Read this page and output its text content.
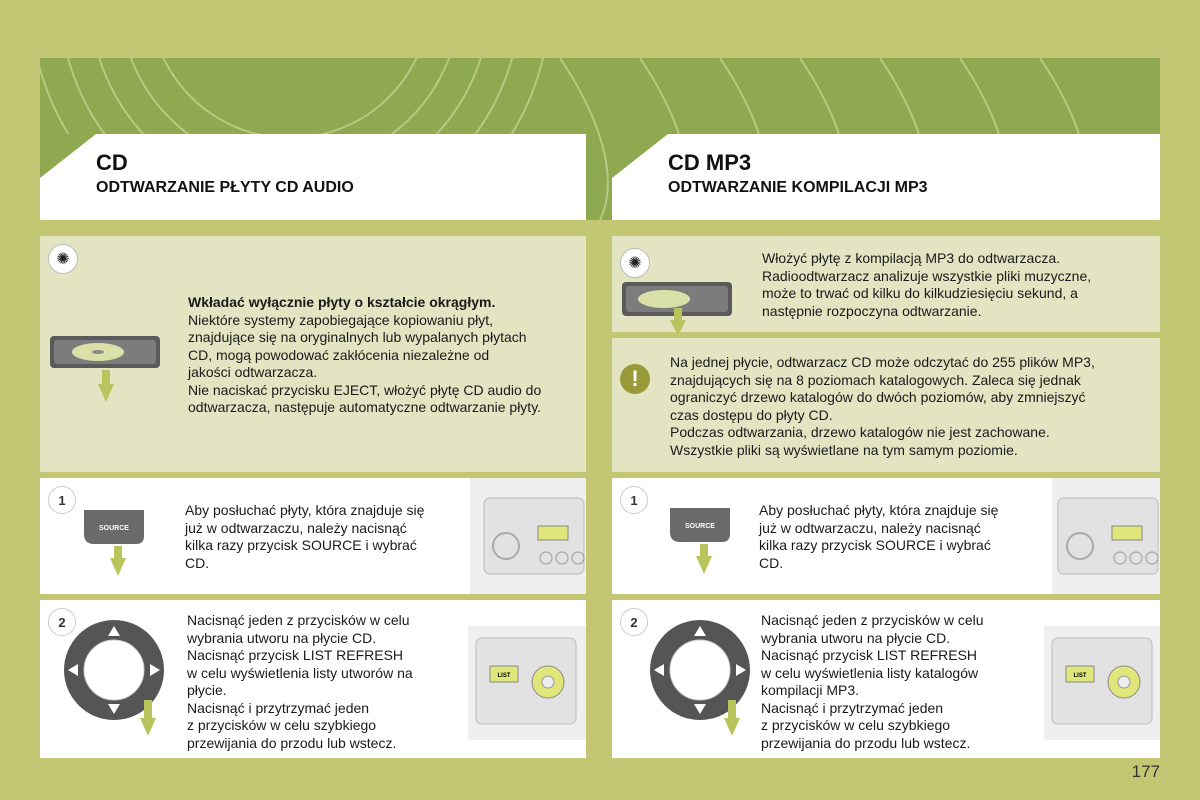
CD
ODTWARZANIE PŁYTY CD AUDIO
CD MP3
ODTWARZANIE KOMPILACJI MP3
✺
Wkładać wyłącznie płyty o kształcie okrągłym.
Niektóre systemy zapobiegające kopiowaniu płyt,
znajdujące się na oryginalnych lub wypalanych płytach
CD, mogą powodować zakłócenia niezależne od
jakości odtwarzacza.
Nie naciskać przycisku EJECT, włożyć płytę CD audio do
odtwarzacza, następuje automatyczne odtwarzanie płyty.
1
SOURCE
Aby posłuchać płyty, która znajduje się
już w odtwarzaczu, należy nacisnąć
kilka razy przycisk SOURCE i wybrać
CD.
2	Nacisnąć jeden z przycisków w celu
wybrania utworu na płycie CD.
Nacisnąć przycisk LIST REFRESH
w celu wyświetlenia listy utworów na
płycie.
Nacisnąć i przytrzymać jeden
z przycisków w celu szybkiego
przewijania do przodu lub wstecz.
LIST
✺	Włożyć płytę z kompilacją MP3 do odtwarzacza.
Radioodtwarzacz analizuje wszystkie pliki muzyczne,
może to trwać od kilku do kilkudziesięciu sekund, a
następnie rozpoczyna odtwarzanie.
!
Na jednej płycie, odtwarzacz CD może odczytać do 255 plików MP3,
znajdujących się na 8 poziomach katalogowych. Zaleca się jednak
ograniczyć drzewo katalogów do dwóch poziomów, aby zmniejszyć
czas dostępu do płyty CD.
Podczas odtwarzania, drzewo katalogów nie jest zachowane.
Wszystkie pliki są wyświetlane na tym samym poziomie.
1
SOURCE
Aby posłuchać płyty, która znajduje się
już w odtwarzaczu, należy nacisnąć
kilka razy przycisk SOURCE i wybrać
CD.
2	Nacisnąć jeden z przycisków w celu
wybrania utworu na płycie CD.
Nacisnąć przycisk LIST REFRESH
w celu wyświetlenia listy katalogów
kompilacji MP3.
Nacisnąć i przytrzymać jeden
z przycisków w celu szybkiego
przewijania do przodu lub wstecz.
LIST
177
